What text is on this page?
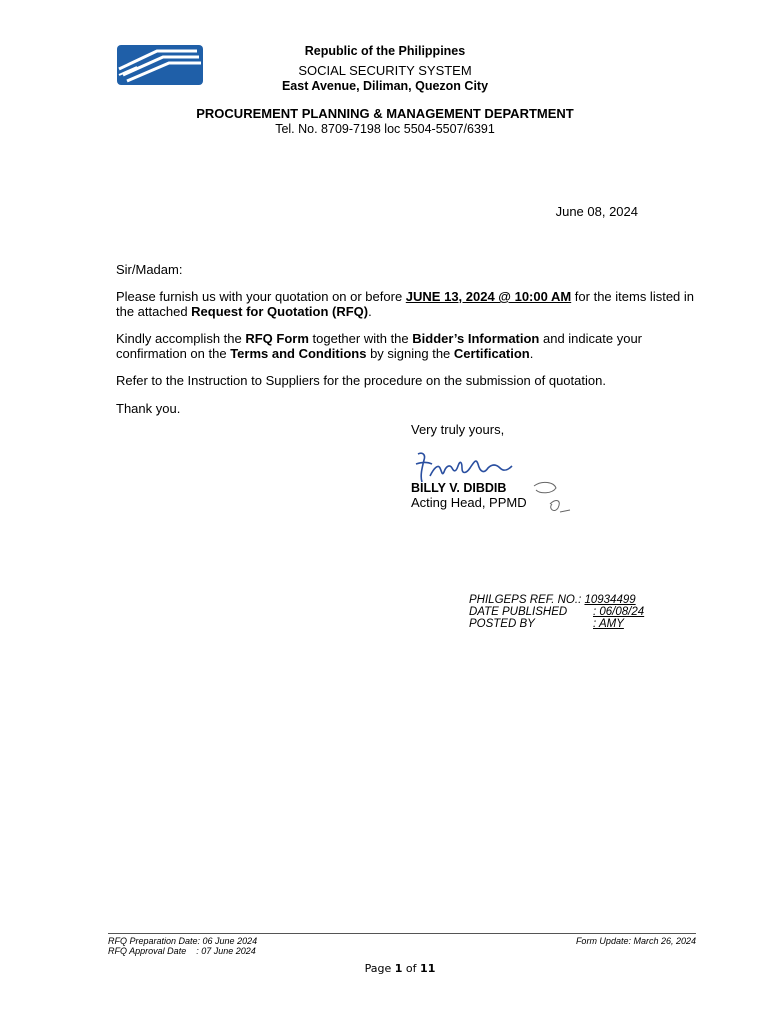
Republic of the Philippines
SOCIAL SECURITY SYSTEM
East Avenue, Diliman, Quezon City
PROCUREMENT PLANNING & MANAGEMENT DEPARTMENT
Tel. No. 8709-7198 loc 5504-5507/6391
June 08, 2024
Sir/Madam:
Please furnish us with your quotation on or before JUNE 13, 2024 @ 10:00 AM for the items listed in the attached Request for Quotation (RFQ).
Kindly accomplish the RFQ Form together with the Bidder’s Information and indicate your confirmation on the Terms and Conditions by signing the Certification.
Refer to the Instruction to Suppliers for the procedure on the submission of quotation.
Thank you.
Very truly yours,
BILLY V. DIBDIB
Acting Head, PPMD
PHILGEPS REF. NO.: 10934499
DATE PUBLISHED : 06/08/24
POSTED BY	: AMY
RFQ Preparation Date: 06 June 2024
RFQ Approval Date    : 07 June 2024
Form Update: March 26, 2024
Page 1 of 11
